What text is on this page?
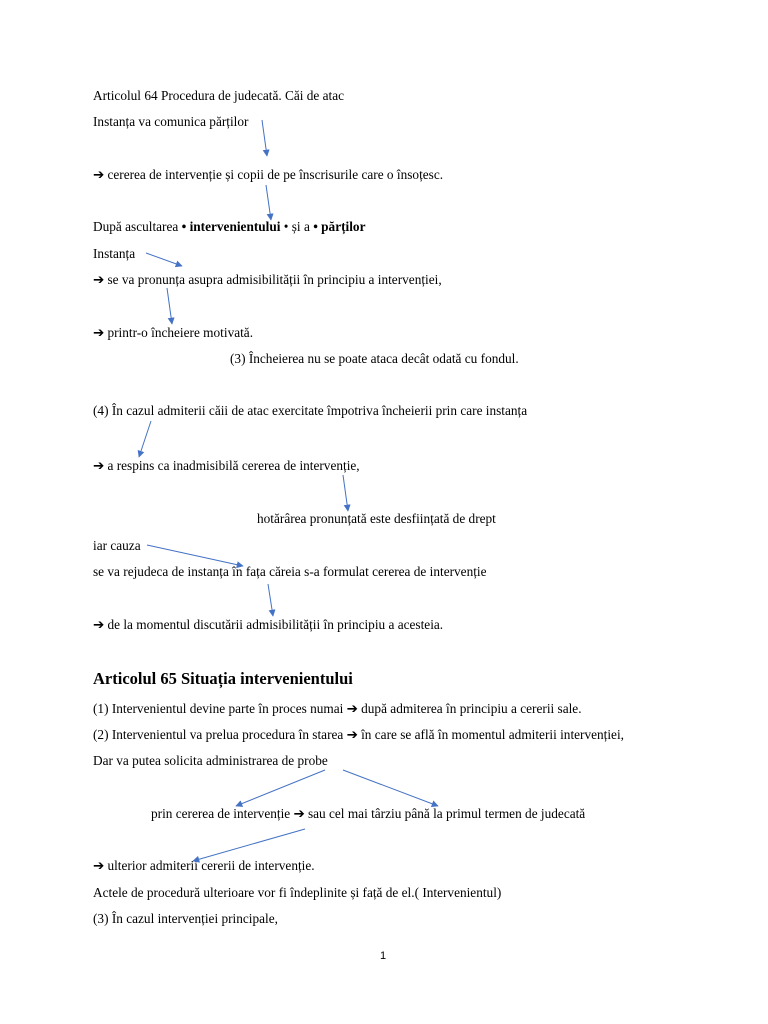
Articolul 64 Procedura de judecată. Căi de atac
Instanța va comunica părților
➔ cererea de intervenție și copii de pe înscrisurile care o însoțesc.
După ascultarea • intervenientului • și a • părților
Instanța
➔ se va pronunța asupra admisibilității în principiu a intervenției,
➔ printr-o încheiere motivată.
(3) Încheierea nu se poate ataca decât odată cu fondul.
(4) În cazul admiterii căii de atac exercitate împotriva încheierii prin care instanța
➔ a respins ca inadmisibilă cererea de intervenție,
hotărârea pronunțată este desființată de drept
iar cauza
se va rejudeca de instanța în fața căreia s-a formulat cererea de intervenție
➔ de la momentul discutării admisibilității în principiu a acesteia.
Articolul 65 Situația intervenientului
(1) Intervenientul devine parte în proces numai ➔ după admiterea în principiu a cererii sale.
(2) Intervenientul va prelua procedura în starea ➔ în care se află în momentul admiterii intervenției,
Dar va putea solicita administrarea de probe
prin cererea de intervenție ➔ sau cel mai târziu până la primul termen de judecată
➔ ulterior admiterii cererii de intervenție.
Actele de procedură ulterioare vor fi îndeplinite și față de el.( Intervenientul)
(3) În cazul intervenției principale,
1
